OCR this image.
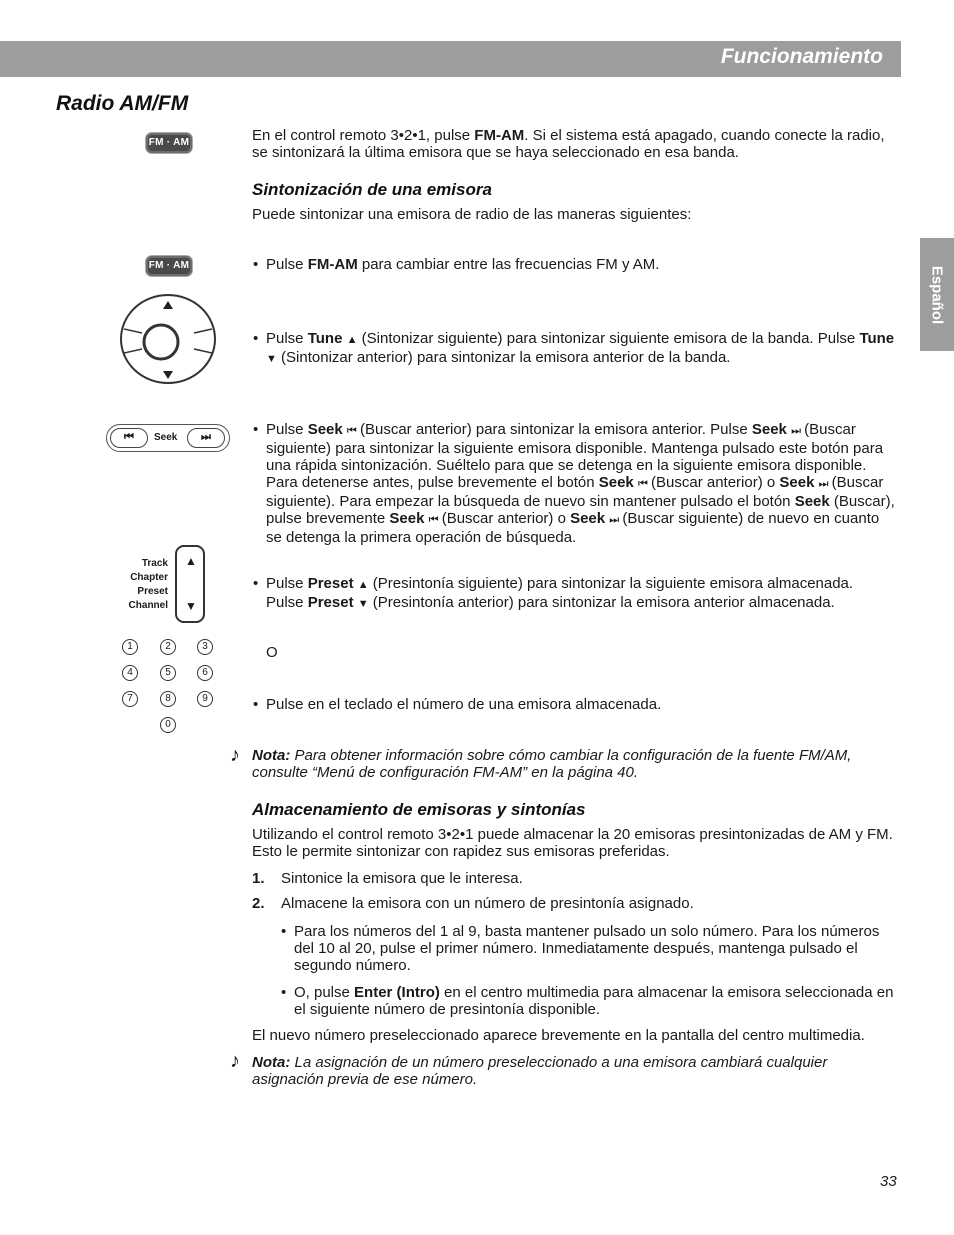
Funcionamiento
Español
Radio AM/FM
FM · AM	En el control remoto 3•2•1, pulse FM-AM. Si el sistema está apagado, cuando conecte la radio, se sintonizará la última emisora que se haya seleccionado en esa banda.
Sintonización de una emisora
Puede sintonizar una emisora de radio de las maneras siguientes:
FM · AM	• Pulse FM-AM para cambiar entre las frecuencias FM y AM.
• Pulse Tune ▲ (Sintonizar siguiente) para sintonizar siguiente emisora de la banda. Pulse Tune ▼ (Sintonizar anterior) para sintonizar la emisora anterior de la banda.
⏮	Seek	⏭	• Pulse Seek ⏮ (Buscar anterior) para sintonizar la emisora anterior. Pulse Seek ⏭ (Buscar siguiente) para sintonizar la siguiente emisora disponible. Mantenga pulsado este botón para una rápida sintonización. Suéltelo para que se detenga en la siguiente emisora disponible. Para detenerse antes, pulse brevemente el botón Seek ⏮ (Buscar anterior) o Seek ⏭ (Buscar siguiente). Para empezar la búsqueda de nuevo sin mantener pulsado el botón Seek (Buscar), pulse brevemente Seek ⏮ (Buscar anterior) o Seek ⏭ (Buscar siguiente) de nuevo en cuanto se detenga la primera operación de búsqueda.
Track
Chapter
Preset
Channel
▲
▼
• Pulse Preset ▲ (Presintonía siguiente) para sintonizar la siguiente emisora almacenada.
Pulse Preset ▼ (Presintonía anterior) para sintonizar la emisora anterior almacenada.
O
1	2	3
4	5	6
7	8	9
0
• Pulse en el teclado el número de una emisora almacenada.
♪ Nota: Para obtener información sobre cómo cambiar la configuración de la fuente FM/AM, consulte “Menú de configuración FM-AM” en la página 40.
Almacenamiento de emisoras y sintonías
Utilizando el control remoto 3•2•1 puede almacenar la 20 emisoras presintonizadas de AM y FM. Esto le permite sintonizar con rapidez sus emisoras preferidas.
1. Sintonice la emisora que le interesa.
2. Almacene la emisora con un número de presintonía asignado.
• Para los números del 1 al 9, basta mantener pulsado un solo número. Para los números del 10 al 20, pulse el primer número. Inmediatamente después, mantenga pulsado el segundo número.
• O, pulse Enter (Intro) en el centro multimedia para almacenar la emisora seleccionada en el siguiente número de presintonía disponible.
El nuevo número preseleccionado aparece brevemente en la pantalla del centro multimedia.
♪ Nota: La asignación de un número preseleccionado a una emisora cambiará cualquier asignación previa de ese número.
33
